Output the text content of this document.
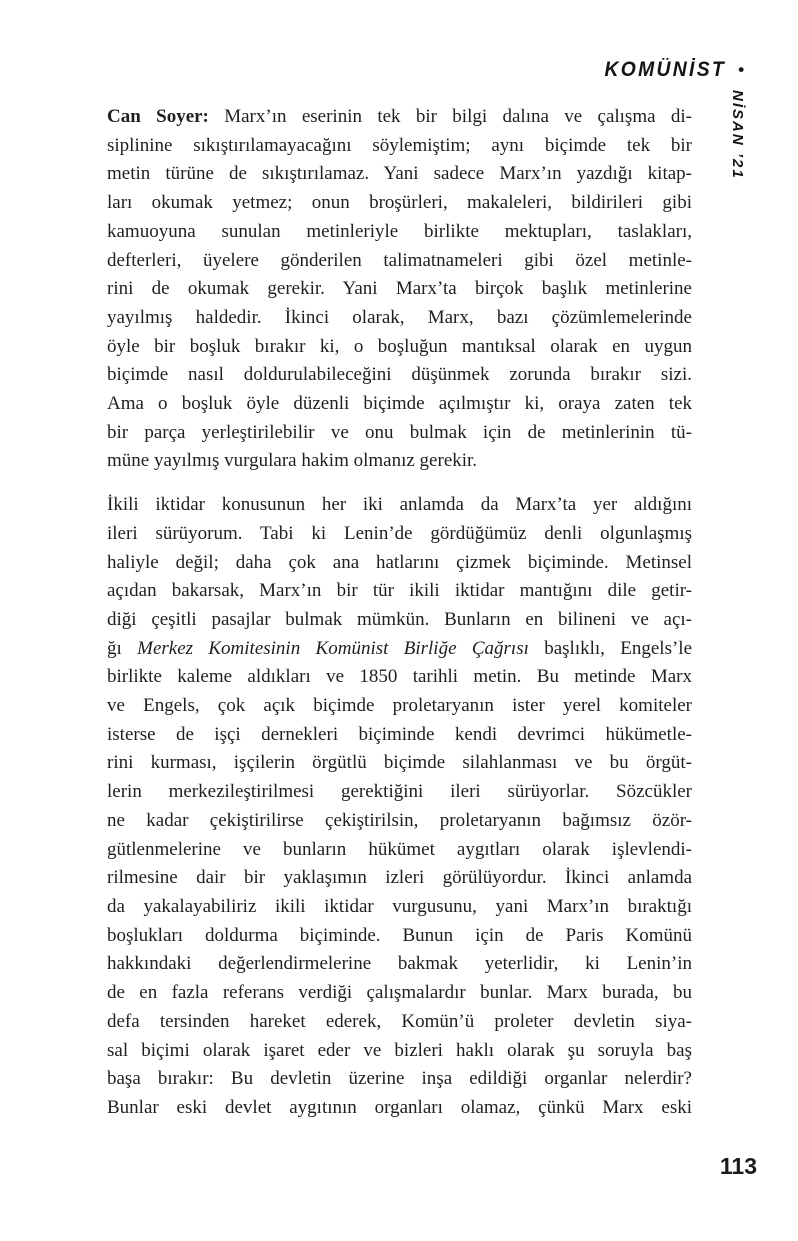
KOMÜNİST •
NİSAN ’21
Can Soyer: Marx’ın eserinin tek bir bilgi dalına ve çalışma di-
siplinine sıkıştırılamayacağını söylemiştim; aynı biçimde tek bir
metin türüne de sıkıştırılamaz. Yani sadece Marx’ın yazdığı kitap-
ları okumak yetmez; onun broşürleri, makaleleri, bildirileri gibi
kamuoyuna sunulan metinleriyle birlikte mektupları, taslakları,
defterleri, üyelere gönderilen talimatnameleri gibi özel metinle-
rini de okumak gerekir. Yani Marx’ta birçok başlık metinlerine
yayılmış haldedir. İkinci olarak, Marx, bazı çözümlemelerinde
öyle bir boşluk bırakır ki, o boşluğun mantıksal olarak en uygun
biçimde nasıl doldurulabileceğini düşünmek zorunda bırakır sizi.
Ama o boşluk öyle düzenli biçimde açılmıştır ki, oraya zaten tek
bir parça yerleştirilebilir ve onu bulmak için de metinlerinin tü-
müne yayılmış vurgulara hakim olmanız gerekir.
İkili iktidar konusunun her iki anlamda da Marx’ta yer aldığını
ileri sürüyorum. Tabi ki Lenin’de gördüğümüz denli olgunlaşmış
haliyle değil; daha çok ana hatlarını çizmek biçiminde. Metinsel
açıdan bakarsak, Marx’ın bir tür ikili iktidar mantığını dile getir-
diği çeşitli pasajlar bulmak mümkün. Bunların en bilineni ve açı-
ğı Merkez Komitesinin Komünist Birliğe Çağrısı başlıklı, Engels’le
birlikte kaleme aldıkları ve 1850 tarihli metin. Bu metinde Marx
ve Engels, çok açık biçimde proletaryanın ister yerel komiteler
isterse de işçi dernekleri biçiminde kendi devrimci hükümetle-
rini kurması, işçilerin örgütlü biçimde silahlanması ve bu örgüt-
lerin merkezileştirilmesi gerektiğini ileri sürüyorlar. Sözcükler
ne kadar çekiştirilirse çekiştirilsin, proletaryanın bağımsız özör-
gütlenmelerine ve bunların hükümet aygıtları olarak işlevlendi-
rilmesine dair bir yaklaşımın izleri görülüyordur. İkinci anlamda
da yakalayabiliriz ikili iktidar vurgusunu, yani Marx’ın bıraktığı
boşlukları doldurma biçiminde. Bunun için de Paris Komünü
hakkındaki değerlendirmelerine bakmak yeterlidir, ki Lenin’in
de en fazla referans verdiği çalışmalardır bunlar. Marx burada, bu
defa tersinden hareket ederek, Komün’ü proleter devletin siya-
sal biçimi olarak işaret eder ve bizleri haklı olarak şu soruyla baş
başa bırakır: Bu devletin üzerine inşa edildiği organlar nelerdir?
Bunlar eski devlet aygıtının organları olamaz, çünkü Marx eski
113
